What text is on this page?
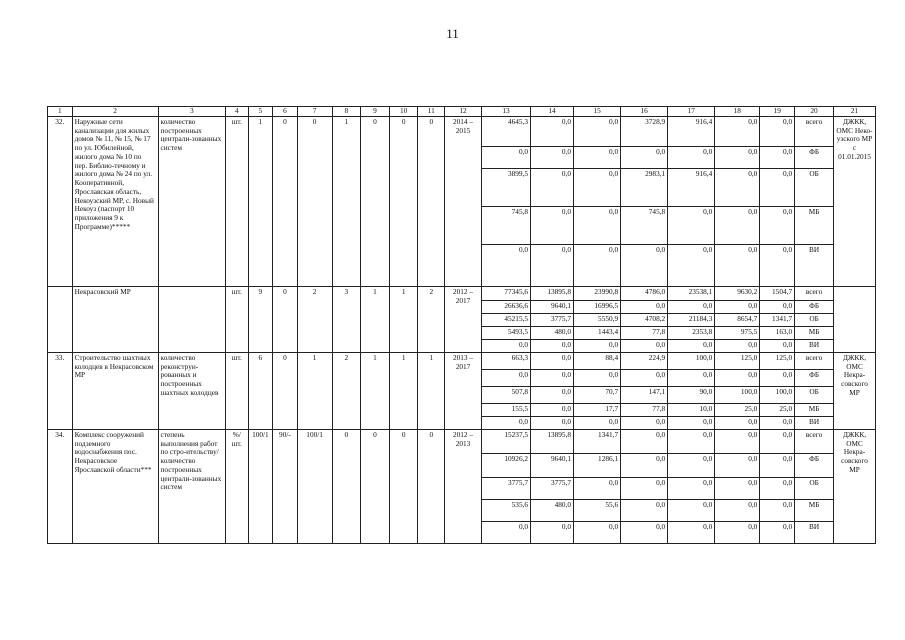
11
1	2	3	4	5	6	7	8	9	10	11	12	13	14	15	16	17	18	19	20	21
32.	Наружные сети канализации для жилых домов № 11, № 15, № 17 по ул. Юбилейной, жилого дома № 10 по пер. Библио-течному и жилого дома № 24 по ул. Кооперативной, Ярославская область, Некоузский МР, с. Новый Некоуз (паспорт 10 приложения 9 к Программе)*****	количество построенных централи-зованных систем	шт.	1	0	0	1	0	0	0	2014 – 2015	4645,3	0,0	0,0	3728,9	916,4	0,0	0,0	всего	ДЖКК, ОМС Неко-узского МР с 01.01.2015
												0,0	0,0	0,0	0,0	0,0	0,0	0,0	ФБ	
												3899,5	0,0	0,0	2983,1	916,4	0,0	0,0	ОБ	
												745,8	0,0	0,0	745,8	0,0	0,0	0,0	МБ	
												0,0	0,0	0,0	0,0	0,0	0,0	0,0	ВИ	
	Некрасовский МР		шт.	9	0	2	3	1	1	2	2012 – 2017	77345,6	13895,8	23990,8	4786,0	23538,1	9630,2	1504,7	всего	
												26636,6	9640,1	16996,5	0,0	0,0	0,0	0,0	ФБ	
												45215,5	3775,7	5550,9	4708,2	21184,3	8654,7	1341,7	ОБ	
												5493,5	480,0	1443,4	77,8	2353,8	975,5	163,0	МБ	
												0,0	0,0	0,0	0,0	0,0	0,0	0,0	ВИ	
33.	Строительство шахтных колодцев в Некрасовском МР	количество реконструи-рованных и построенных шахтных колодцев	шт.	6	0	1	2	1	1	1	2013 – 2017	663,3	0,0	88,4	224,9	100,0	125,0	125,0	всего	ДЖКК, ОМС Некра-совского МР
												0,0	0,0	0,0	0,0	0,0	0,0	0,0	ФБ	
												507,8	0,0	70,7	147,1	90,0	100,0	100,0	ОБ	
												155,5	0,0	17,7	77,8	10,0	25,0	25,0	МБ	
												0,0	0,0	0,0	0,0	0,0	0,0	0,0	ВИ	
34.	Комплекс сооружений подземного водоснабжения пос. Некрасовское Ярославской области***	степень выполнения работ по стро-ительству/ количество построенных централи-зованных систем	%/ шт.	100/1	90/-	100/1	0	0	0	0	2012 – 2013	15237,5	13895,8	1341,7	0,0	0,0	0,0	0,0	всего	ДЖКК, ОМС Некра-совского МР
												10926,2	9640,1	1286,1	0,0	0,0	0,0	0,0	ФБ	
												3775,7	3775,7	0,0	0,0	0,0	0,0	0,0	ОБ	
												535,6	480,0	55,6	0,0	0,0	0,0	0,0	МБ	
												0,0	0,0	0,0	0,0	0,0	0,0	0,0	ВИ	
